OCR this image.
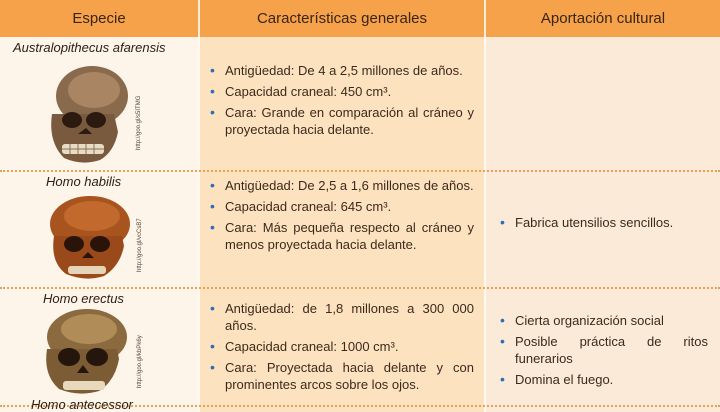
Especie	Características generales	Aportación cultural
Australopithecus afarensis
Homo habilis
Homo erectus
Homo antecessor
http://goo.gl/s5ITMG
http://goo.gl/vcCsB7
http://goo.gl/kbPk6y
• Antigüedad: De 4 a 2,5 millones de años.
• Capacidad craneal: 450 cm³.
• Cara: Grande en comparación al cráneo y proyectada hacia delante.
• Antigüedad: De 2,5 a 1,6 millones de años.
• Capacidad craneal: 645 cm³.
• Cara: Más pequeña respecto al cráneo y menos proyectada hacia delante.
• Antigüedad: de 1,8 millones a 300 000 años.
• Capacidad craneal: 1000 cm³.
• Cara: Proyectada hacia delante y con prominentes arcos sobre los ojos.
• Fabrica utensilios sencillos.
• Cierta organización social
• Posible práctica de ritos funerarios
• Domina el fuego.
